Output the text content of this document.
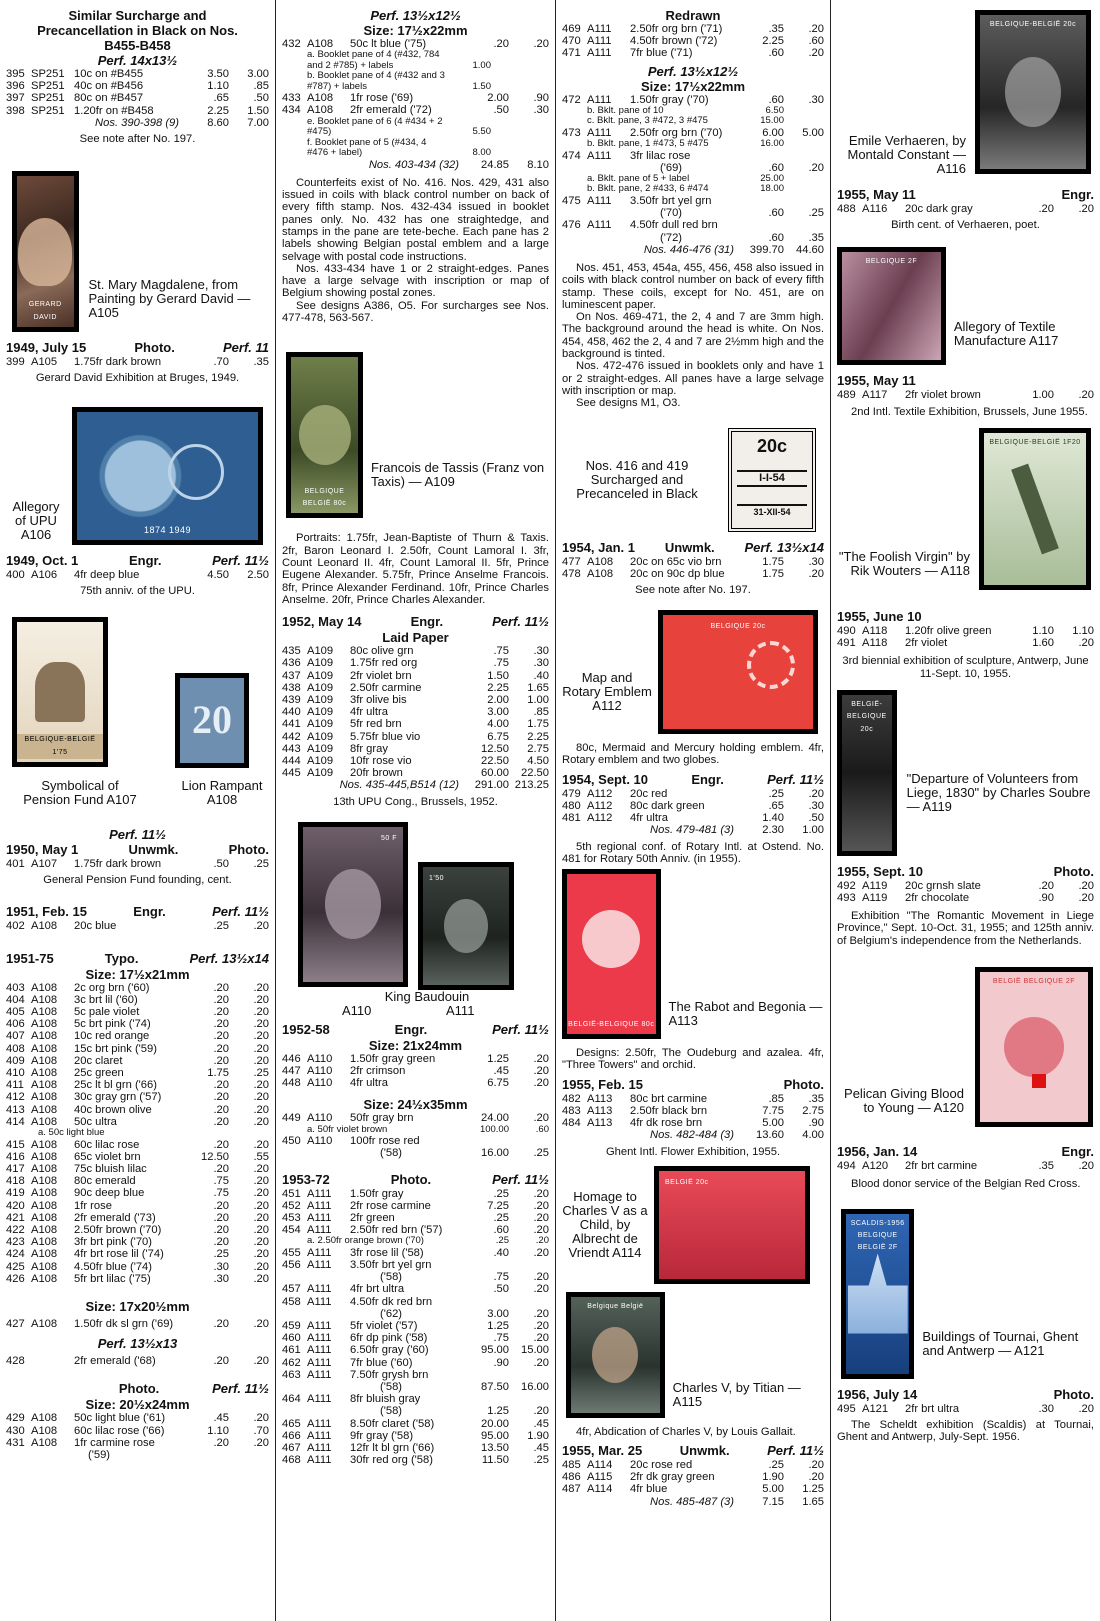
Similar Surcharge and Precancellation in Black on Nos. B455-B458
Perf. 14x13½
395 SP251 10c on #B455	3.50	3.00
396 SP251 40c on #B456	1.10	.85
397 SP251 80c on #B457	.65	.50
398 SP251 1.20fr on #B458	2.25	1.50
Nos. 390-398 (9)	8.60	7.00
See note after No. 197.
GERARD DAVID
St. Mary Magdalene, from Painting by Gerard David — A105
1949, July 15	Photo.	Perf. 11
399 A105	1.75fr dark brown	.70	.35
Gerard David Exhibition at Bruges, 1949.
Allegory of UPU A106	1874 1949
1949, Oct. 1	Engr.	Perf. 11½
400 A106	4fr deep blue	4.50	2.50
75th anniv. of the UPU.
BELGIQUE-BELGIË 1'75
20
Symbolical of Pension Fund A107
Lion Rampant A108
Perf. 11½
1950, May 1	Unwmk.	Photo.
401 A107	1.75fr dark brown	.50	.25
General Pension Fund founding, cent.
1951, Feb. 15	Engr.	Perf. 11½
402 A108	20c blue	.25	.20
1951-75	Typo.	Perf. 13½x14
Size: 17½x21mm
403 A108	2c org brn ('60)	.20	.20
404 A108	3c brt lil ('60)	.20	.20
405 A108	5c pale violet	.20	.20
406 A108	5c brt pink ('74)	.20	.20
407 A108	10c red orange	.20	.20
408 A108	15c brt pink ('59)	.20	.20
409 A108	20c claret	.20	.20
410 A108	25c green	1.75	.25
411 A108	25c lt bl grn ('66)	.20	.20
412 A108	30c gray grn ('57)	.20	.20
413 A108	40c brown olive	.20	.20
414 A108	50c ultra	.20	.20
a. 50c light blue
415 A108	60c lilac rose	.20	.20
416 A108	65c violet brn	12.50	.55
417 A108	75c bluish lilac	.20	.20
418 A108	80c emerald	.75	.20
419 A108	90c deep blue	.75	.20
420 A108	1fr rose	.20	.20
421 A108	2fr emerald ('73)	.20	.20
422 A108	2.50fr brown ('70)	.20	.20
423 A108	3fr brt pink ('70)	.20	.20
424 A108	4fr brt rose lil ('74)	.25	.20
425 A108	4.50fr blue ('74)	.30	.20
426 A108	5fr brt lilac ('75)	.30	.20
Size: 17x20½mm
427 A108	1.50fr dk sl grn ('69)	.20	.20
Perf. 13½x13
428	2fr emerald ('68)	.20	.20
Photo.	Perf. 11½
Size: 20½x24mm
429 A108	50c light blue ('61)	.45	.20
430 A108	60c lilac rose ('66)	1.10	.70
431 A108	1fr carmine rose	.20	.20
('59)
Perf. 13½x12½
Size: 17½x22mm
432 A108	50c lt blue ('75)	.20	.20
a. Booklet pane of 4 (#432, 784 and 2 #785) + labels	1.00
b. Booklet pane of 4 (#432 and 3 #787) + labels	1.50
433 A108	1fr rose ('69)	2.00	.90
434 A108	2fr emerald ('72)	.50	.30
e. Booklet pane of 6 (4 #434 + 2 #475)	5.50
f. Booklet pane of 5 (#434, 4 #476 + label)	8.00
Nos. 403-434 (32)	24.85	8.10
Counterfeits exist of No. 416. Nos. 429, 431 also issued in coils with black control number on back of every fifth stamp. Nos. 432-434 issued in booklet panes only. No. 432 has one straightedge, and stamps in the pane are tete-beche. Each pane has 2 labels showing Belgian postal emblem and a large selvage with postal code instructions.
Nos. 433-434 have 1 or 2 straight-edges. Panes have a large selvage with inscription or map of Belgium showing postal zones.
See designs A386, O5. For surcharges see Nos. 477-478, 563-567.
BELGIQUE BELGIË 80c
Francois de Tassis (Franz von Taxis) — A109
Portraits: 1.75fr, Jean-Baptiste of Thurn & Taxis. 2fr, Baron Leonard I. 2.50fr, Count Lamoral I. 3fr, Count Leonard II. 4fr, Count Lamoral II. 5fr, Prince Eugene Alexander. 5.75fr, Prince Anselme Francois. 8fr, Prince Alexander Ferdinand. 10fr, Prince Charles Anselme. 20fr, Prince Charles Alexander.
1952, May 14	Engr.	Perf. 11½
Laid Paper
435 A109	80c olive grn	.75	.30
436 A109	1.75fr red org	.75	.30
437 A109	2fr violet brn	1.50	.40
438 A109	2.50fr carmine	2.25	1.65
439 A109	3fr olive bis	2.00	1.00
440 A109	4fr ultra	3.00	.85
441 A109	5fr red brn	4.00	1.75
442 A109	5.75fr blue vio	6.75	2.25
443 A109	8fr gray	12.50	2.75
444 A109	10fr rose vio	22.50	4.50
445 A109	20fr brown	60.00	22.50
Nos. 435-445,B514 (12)	291.00 213.25
13th UPU Cong., Brussels, 1952.
50 F
1'50
King Baudouin
A110	A111
1952-58	Engr.	Perf. 11½
Size: 21x24mm
446 A110	1.50fr gray green	1.25	.20
447 A110	2fr crimson	.45	.20
448 A110	4fr ultra	6.75	.20
Size: 24½x35mm
449 A110	50fr gray brn	24.00	.20
a. 50fr violet brown	100.00	.60
450 A110	100fr rose red
('58)	16.00	.25
1953-72	Photo.	Perf. 11½
451 A111	1.50fr gray	.25	.20
452 A111	2fr rose carmine	7.25	.20
453 A111	2fr green	.25	.20
454 A111	2.50fr red brn ('57)	.60	.20
a. 2.50fr orange brown ('70)	.25	.20
455 A111	3fr rose lil ('58)	.40	.20
456 A111	3.50fr brt yel grn
('58)	.75	.20
457 A111	4fr brt ultra	.50	.20
458 A111	4.50fr dk red brn
('62)	3.00	.20
459 A111	5fr violet ('57)	1.25	.20
460 A111	6fr dp pink ('58)	.75	.20
461 A111	6.50fr gray ('60)	95.00	15.00
462 A111	7fr blue ('60)	.90	.20
463 A111	7.50fr grysh brn
('58)	87.50	16.00
464 A111	8fr bluish gray
('58)	1.25	.20
465 A111	8.50fr claret ('58)	20.00	.45
466 A111	9fr gray ('58)	95.00	1.90
467 A111	12fr lt bl grn ('66)	13.50	.45
468 A111	30fr red org ('58)	11.50	.25
Redrawn
469 A111	2.50fr org brn ('71)	.35	.20
470 A111	4.50fr brown ('72)	2.25	.60
471 A111	7fr blue ('71)	.60	.20
Perf. 13½x12½
Size: 17½x22mm
472 A111	1.50fr gray ('70)	.60	.30
b. Bklt. pane of 10	6.50
c. Bklt. pane, 3 #472, 3 #475	15.00
473 A111	2.50fr org brn ('70)	6.00	5.00
b. Bklt. pane, 1 #473, 5 #475	16.00
474 A111	3fr lilac rose
('69)	.60	.20
a. Bklt. pane of 5 + label	25.00
b. Bklt. pane, 2 #433, 6 #474	18.00
475 A111	3.50fr brt yel grn
('70)	.60	.25
476 A111	4.50fr dull red brn
('72)	.60	.35
Nos. 446-476 (31)	399.70	44.60
Nos. 451, 453, 454a, 455, 456, 458 also issued in coils with black control number on back of every fifth stamp. These coils, except for No. 451, are on luminescent paper.
On Nos. 469-471, the 2, 4 and 7 are 3mm high. The background around the head is white. On Nos. 454, 458, 462 the 2, 4 and 7 are 2½mm high and the background is tinted.
Nos. 472-476 issued in booklets only and have 1 or 2 straight-edges. All panes have a large selvage with inscription or map.
See designs M1, O3.
Nos. 416 and 419 Surcharged and Precanceled in Black
20c
I-I-54
31-XII-54
1954, Jan. 1	Unwmk.	Perf. 13½x14
477 A108	20c on 65c vio brn	1.75	.30
478 A108	20c on 90c dp blue	1.75	.20
See note after No. 197.
Map and Rotary Emblem A112
BELGIQUE 20c
80c, Mermaid and Mercury holding emblem. 4fr, Rotary emblem and two globes.
1954, Sept. 10	Engr.	Perf. 11½
479 A112	20c red	.25	.20
480 A112	80c dark green	.65	.30
481 A112	4fr ultra	1.40	.50
Nos. 479-481 (3)	2.30	1.00
5th regional conf. of Rotary Intl. at Ostend. No. 481 for Rotary 50th Anniv. (in 1955).
BELGIË-BELGIQUE 80c
The Rabot and Begonia — A113
Designs: 2.50fr, The Oudeburg and azalea. 4fr, "Three Towers" and orchid.
1955, Feb. 15	Photo.
482 A113	80c brt carmine	.85	.35
483 A113	2.50fr black brn	7.75	2.75
484 A113	4fr dk rose brn	5.00	.90
Nos. 482-484 (3)	13.60	4.00
Ghent Intl. Flower Exhibition, 1955.
Homage to Charles V as a Child, by Albrecht de Vriendt A114
BELGIË 20c
Belgique België
Charles V, by Titian — A115
4fr, Abdication of Charles V, by Louis Gallait.
1955, Mar. 25	Unwmk.	Perf. 11½
485 A114	20c rose red	.25	.20
486 A115	2fr dk gray green	1.90	.20
487 A114	4fr blue	5.00	1.25
Nos. 485-487 (3)	7.15	1.65
BELGIQUE-BELGIË 20c
Emile Verhaeren, by Montald Constant — A116
1955, May 11	Engr.
488 A116	20c dark gray	.20	.20
Birth cent. of Verhaeren, poet.
BELGIQUE 2F
Allegory of Textile Manufacture A117
1955, May 11
489 A117	2fr violet brown	1.00	.20
2nd Intl. Textile Exhibition, Brussels, June 1955.
BELGIQUE-BELGIË 1F20
"The Foolish Virgin" by Rik Wouters — A118
1955, June 10
490 A118	1.20fr olive green	1.10	1.10
491 A118	2fr violet	1.60	.20
3rd biennial exhibition of sculpture, Antwerp, June 11-Sept. 10, 1955.
BELGIË-BELGIQUE 20c
"Departure of Volunteers from Liege, 1830" by Charles Soubre — A119
1955, Sept. 10	Photo.
492 A119	20c grnsh slate	.20	.20
493 A119	2fr chocolate	.90	.20
Exhibition "The Romantic Movement in Liege Province," Sept. 10-Oct. 31, 1955; and 125th anniv. of Belgium's independence from the Netherlands.
BELGIË BELGIQUE 2F
Pelican Giving Blood to Young — A120
1956, Jan. 14	Engr.
494 A120	2fr brt carmine	.35	.20
Blood donor service of the Belgian Red Cross.
SCALDIS-1956 BELGIQUE BELGIË 2F
Buildings of Tournai, Ghent and Antwerp — A121
1956, July 14	Photo.
495 A121	2fr brt ultra	.30	.20
The Scheldt exhibition (Scaldis) at Tournai, Ghent and Antwerp, July-Sept. 1956.
